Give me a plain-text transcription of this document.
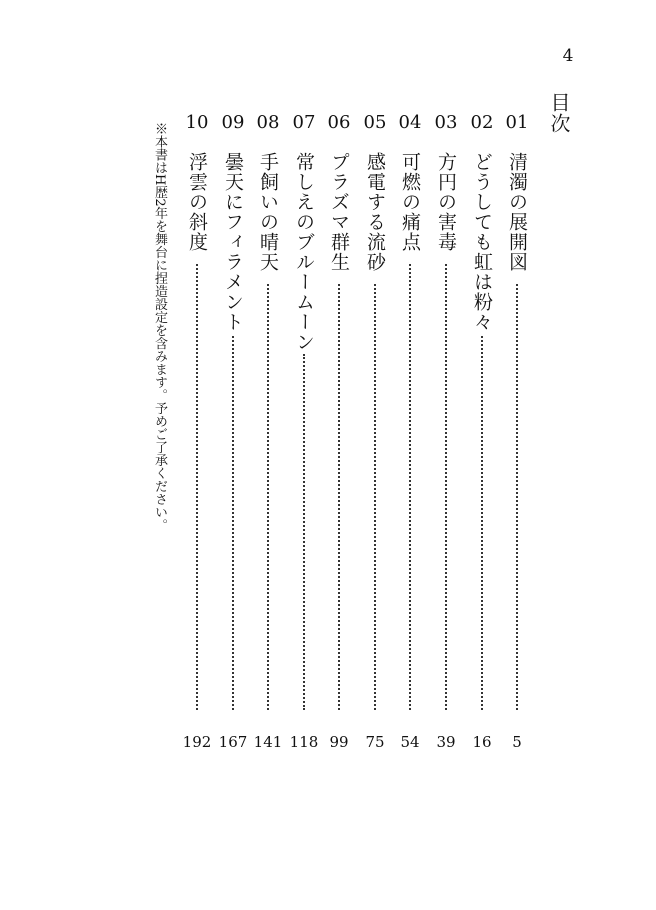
4
目次
01
清濁の展開図
5
02
どうしても虹は粉々
16
03
方円の害毒
39
04
可燃の痛点
54
05
感電する流砂
75
06
プラズマ群生
99
07
常しえのブルームーン
118
08
手飼いの晴天
141
09
曇天にフィラメント
167
10
浮雲の斜度
192
※本書はH歴2年を舞台に捏造設定を含みます。予めご了承ください。
